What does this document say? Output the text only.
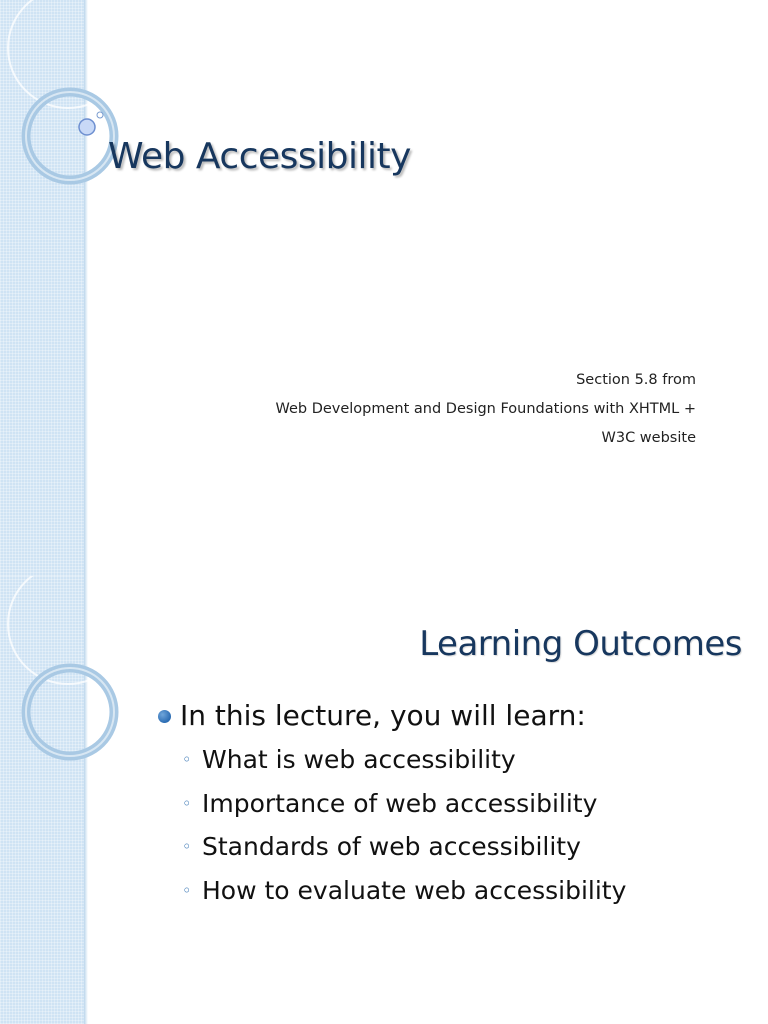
Web Accessibility
Section 5.8 from
Web Development and Design Foundations with XHTML +
W3C website
Learning Outcomes
In this lecture, you will learn:
◦ What is web accessibility
◦ Importance of web accessibility
◦ Standards of web accessibility
◦ How to evaluate web accessibility
